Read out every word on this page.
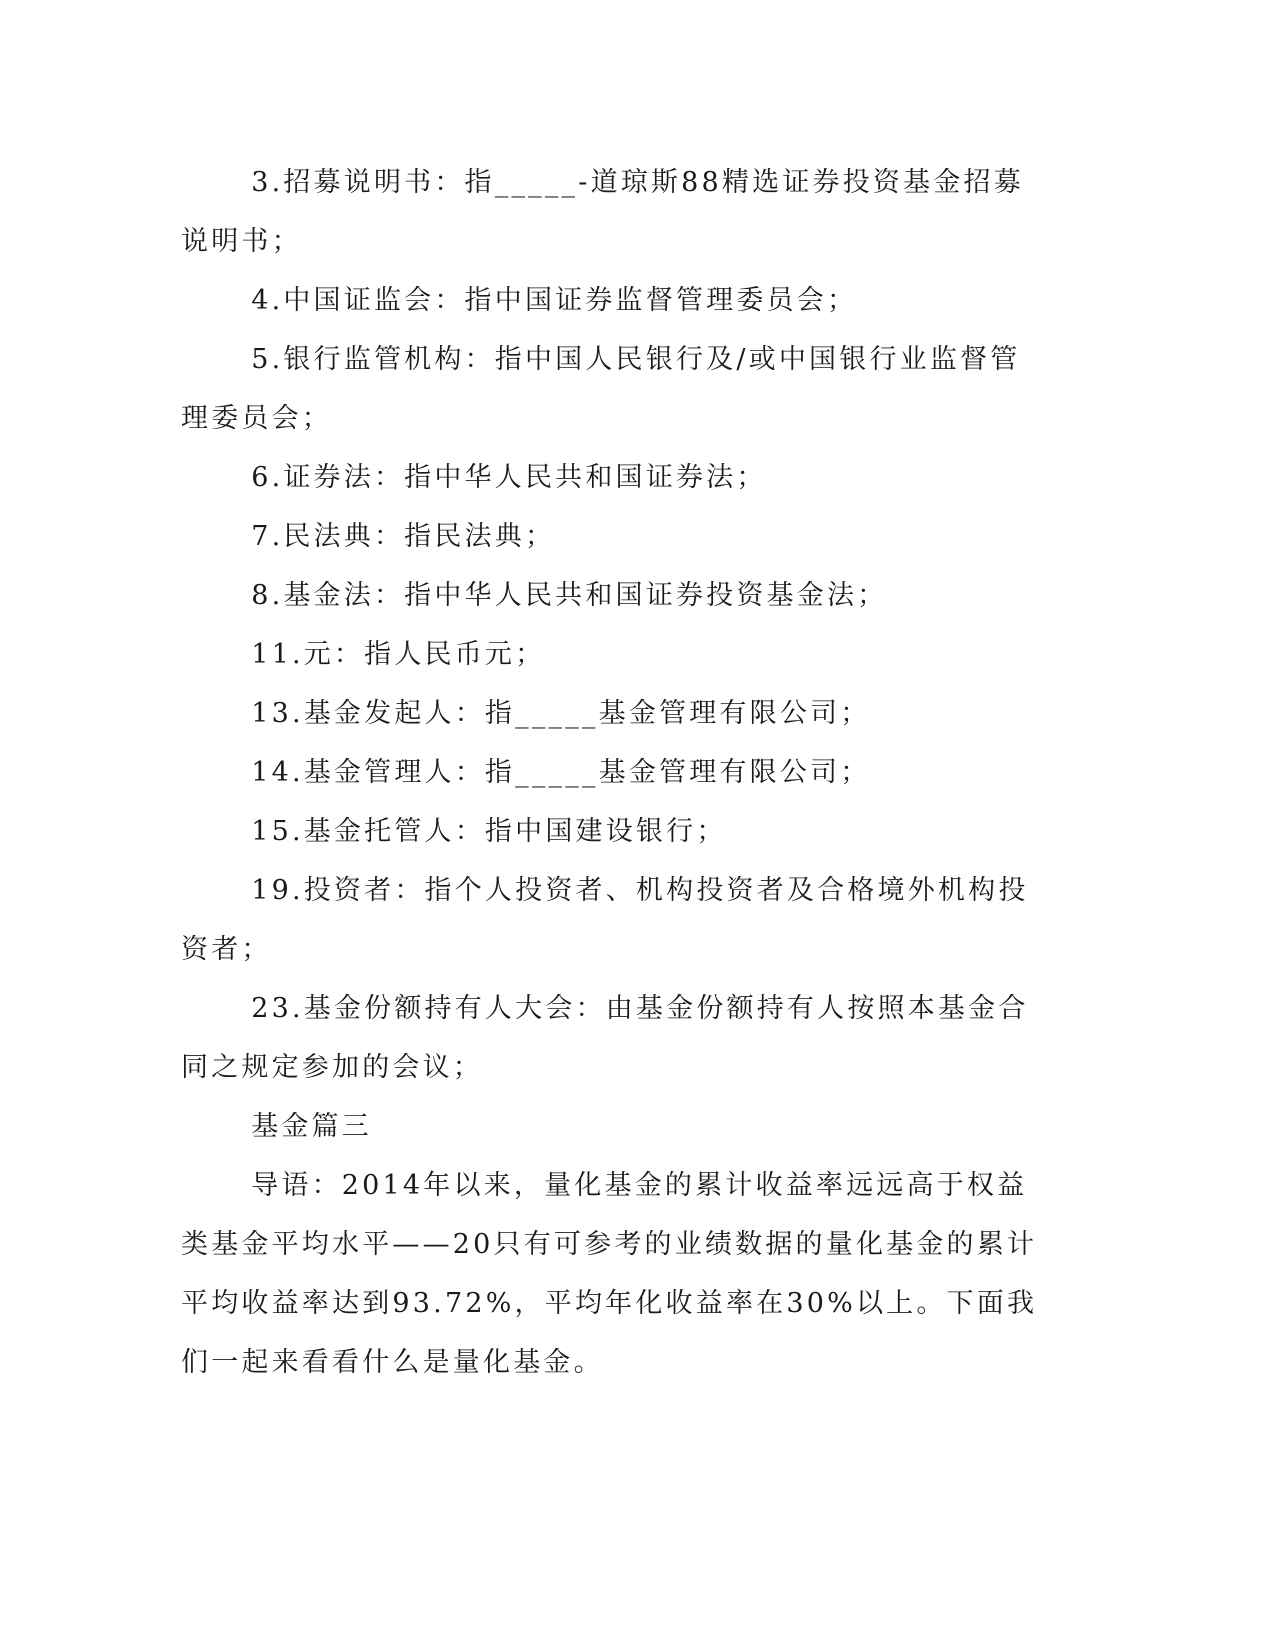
3.招募说明书：指_____-道琼斯88精选证券投资基金招募说明书；

4.中国证监会：指中国证券监督管理委员会；

5.银行监管机构：指中国人民银行及/或中国银行业监督管理委员会；

6.证券法：指中华人民共和国证券法；

7.民法典：指民法典；

8.基金法：指中华人民共和国证券投资基金法；

11.元：指人民币元；

13.基金发起人：指_____基金管理有限公司；

14.基金管理人：指_____基金管理有限公司；

15.基金托管人：指中国建设银行；

19.投资者：指个人投资者、机构投资者及合格境外机构投资者；

23.基金份额持有人大会：由基金份额持有人按照本基金合同之规定参加的会议；

基金篇三

导语：2014年以来，量化基金的累计收益率远远高于权益类基金平均水平——20只有可参考的业绩数据的量化基金的累计平均收益率达到93.72%，平均年化收益率在30%以上。下面我们一起来看看什么是量化基金。
